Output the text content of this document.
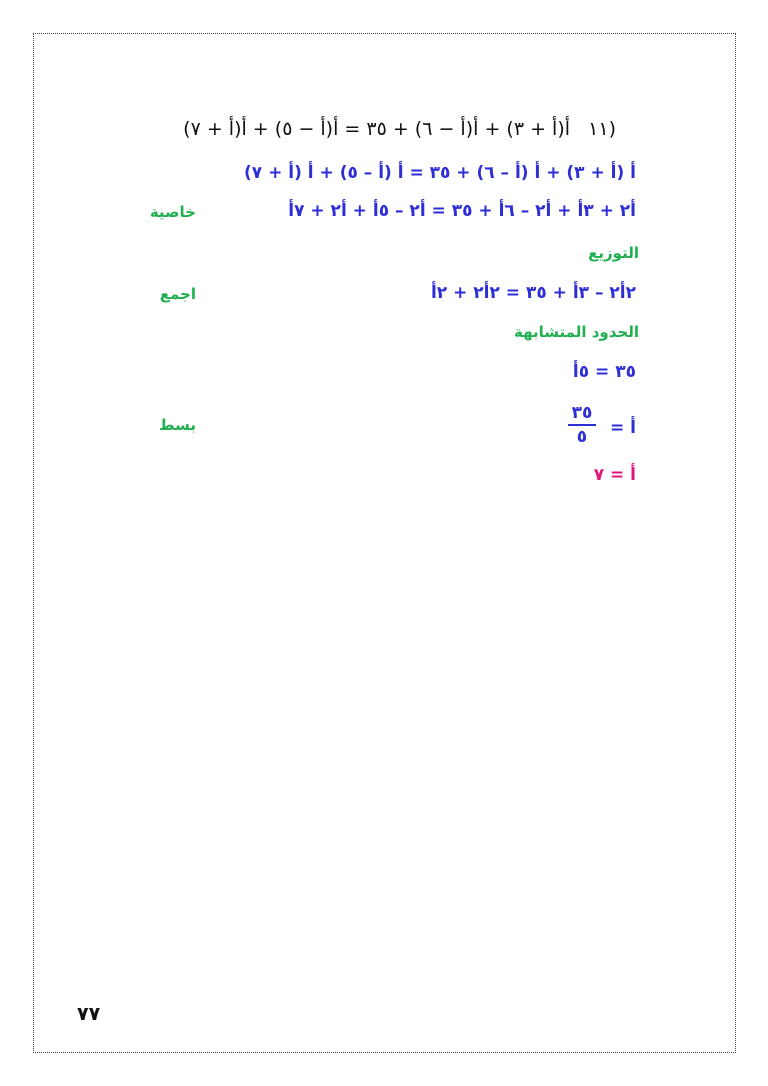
(١١   أ(أ + ٣) + أ(أ − ٦) + ٣٥ = أ(أ − ٥) + أ(أ + ٧)
أ (أ + ٣) + أ (أ – ٦) + ٣٥ = أ (أ – ٥) + أ (أ + ٧)
أ٢ + ٣أ + أ٢ – ٦أ + ٣٥ = أ٢ – ٥أ + أ٢ + ٧أ
خاصية
التوزيع
٢أ٢ – ٣أ + ٣٥ = ٢أ٢ + ٢أ
اجمع
الحدود المتشابهة
٣٥ = ٥أ
أ =
٣٥
٥
بسط
أ = ٧
٧٧
